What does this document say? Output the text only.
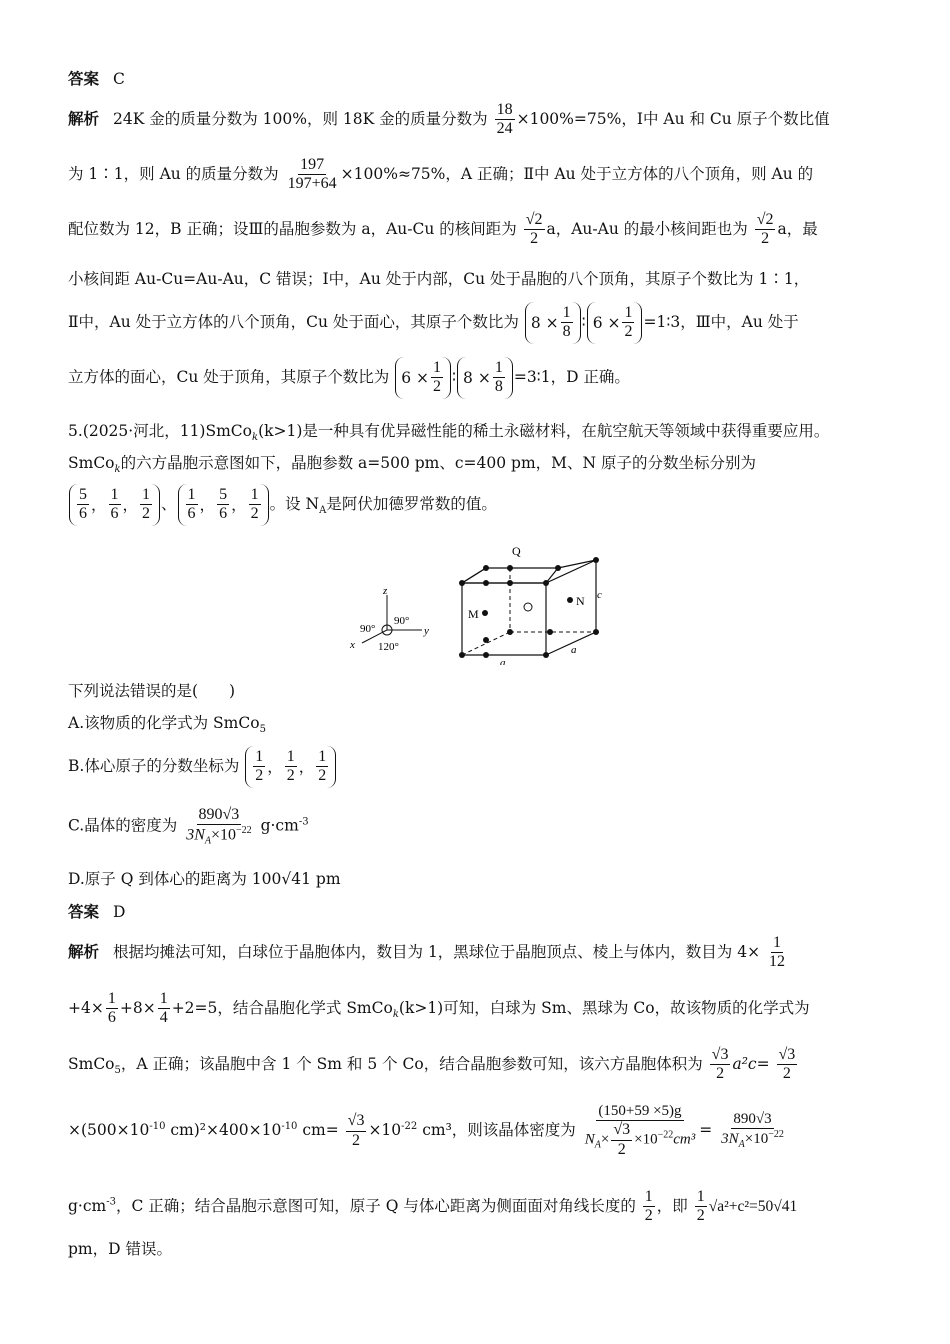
答案 C
解析 24K 金的质量分数为 100%，则 18K 金的质量分数为 $\frac{18}{24} \times 100\%=75\%$，Ⅰ中 Au 和 Cu 原子个数比值
为 1∶1，则 Au 的质量分数为 $\frac{197}{197+64} \times 100\%\approx 75\%$，A 正确；Ⅱ中 Au 处于立方体的八个顶角，则 Au 的
配位数为 12，B 正确；设Ⅲ的晶胞参数为 a，Au-Cu 的核间距为 $\frac{√2}{2}$ a，Au-Au 的最小核间距也为 $\frac{√2}{2}$ a，最
小核间距 Au-Cu=Au-Au，C 错误；Ⅰ中，Au 处于内部，Cu 处于晶胞的八个顶角，其原子个数比为 1∶1，
Ⅱ中，Au 处于立方体的八个顶角，Cu 处于面心，其原子个数比为 $8 \times \frac{1}{8}$ ∶ $6 \times \frac{1}{2}$ =1∶3，Ⅲ中，Au 处于
立方体的面心，Cu 处于顶角，其原子个数比为 $6 \times \frac{1}{2}$ ∶ $8 \times \frac{1}{8}$ =3∶1，D 正确。
5.(2025·河北，11)SmCo$_k$(k>1)是一种具有优异磁性能的稀土永磁材料，在航空航天等领域中获得重要应用。
SmCo$_k$的六方晶胞示意图如下，晶胞参数 a=500 pm、c=400 pm，M、N 原子的分数坐标分别为
$\frac{5}{6}$ ， $\frac{1}{6}$ ， $\frac{1}{2}$ 、 $\frac{1}{6}$ ， $\frac{5}{6}$ ， $\frac{1}{2}$ 。设 $N_A$是阿伏加德罗常数的值。
z
y
x
90°
90°
120°
Q
M
N c
a
a
下列说法错误的是(　　)
A.该物质的化学式为 SmCo$_5$
B.体心原子的分数坐标为 $\frac{1}{2}$ ， $\frac{1}{2}$ ， $\frac{1}{2}$
C.晶体的密度为 $\frac{890√3}{3N_A\times 10^{-22}} g\cdot cm^{-3}$
D.原子 Q 到体心的距离为 100√41 pm
答案 D
解析 根据均摊法可知，白球位于晶胞体内，数目为 1，黑球位于晶胞顶点、棱上与体内，数目为 $4\times \frac{1}{12}$
$+4\times \frac{1}{6} +8\times \frac{1}{4} +2=5$，结合晶胞化学式 SmCo$_k$(k>1)可知，白球为 Sm、黑球为 Co，故该物质的化学式为
SmCo$_5$，A 正确；该晶胞中含 1 个 Sm 和 5 个 Co，结合晶胞参数可知，该六方晶胞体积为 $\frac{√3}{2} a^2c= \frac{√3}{2}$
$\times(500\times 10^{-10}$ $cm)^2\times 400\times 10^{-10}$ $cm= \frac{√3}{2} \times 10^{-22}$ cm³，则该晶体密度为 $\frac{(150+59 \times 5)g}{N_A\times \frac{√3}{2} \times 10^{-22}cm^3} = \frac{890√3}{3N_A\times 10^{-22}}$
$g\cdot cm^{-3}$，C 正确；结合晶胞示意图可知，原子 Q 与体心距离为侧面面对角线长度的 $\frac{1}{2}$ ，即 $\frac{1}{2} √a^2+c^2=50√41$
pm，D 错误。
